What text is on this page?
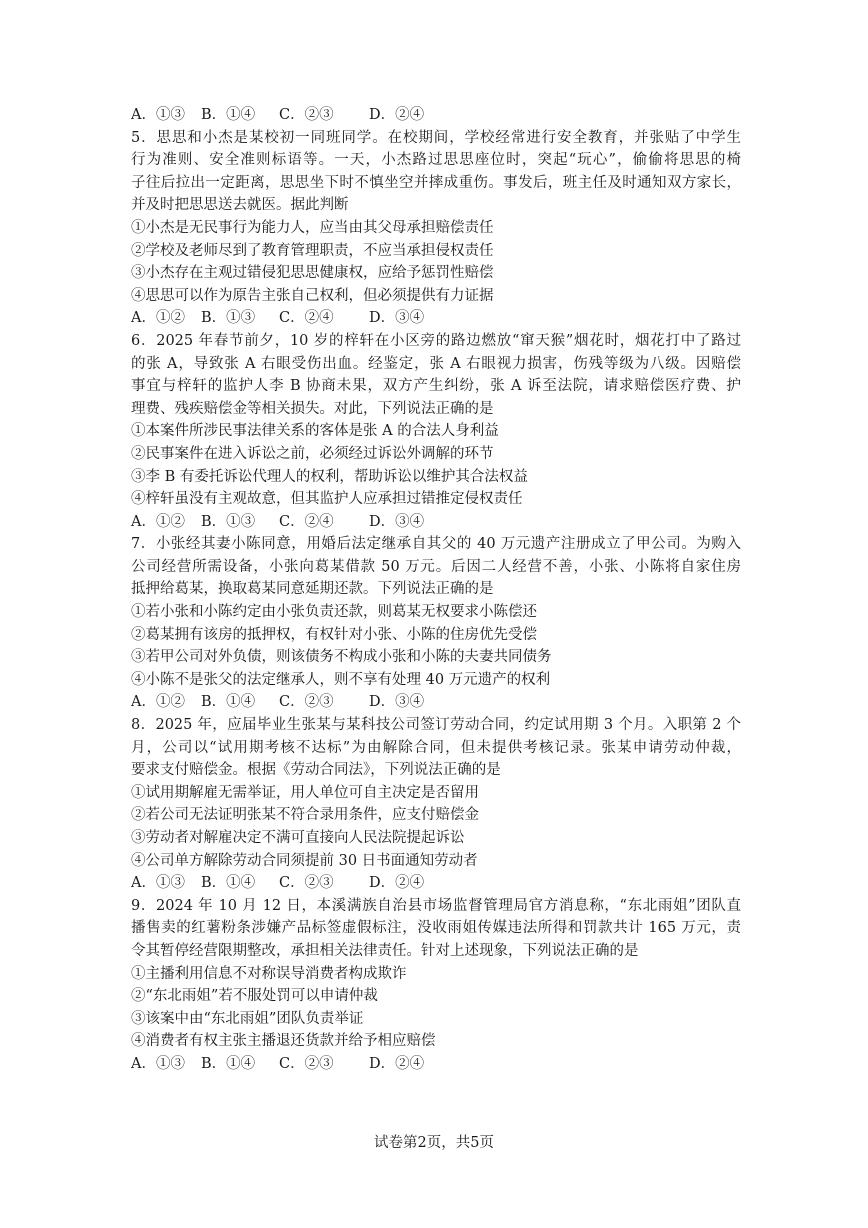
A．①③	B．①④	C．②③	D．②④
5．思思和小杰是某校初一同班同学。在校期间，学校经常进行安全教育，并张贴了中学生
行为准则、安全准则标语等。一天，小杰路过思思座位时，突起“玩心”，偷偷将思思的椅
子往后拉出一定距离，思思坐下时不慎坐空并摔成重伤。事发后，班主任及时通知双方家长，
并及时把思思送去就医。据此判断
①小杰是无民事行为能力人，应当由其父母承担赔偿责任
②学校及老师尽到了教育管理职责，不应当承担侵权责任
③小杰存在主观过错侵犯思思健康权，应给予惩罚性赔偿
④思思可以作为原告主张自己权利，但必须提供有力证据
A．①②	B．①③	C．②④	D．③④
6．2025 年春节前夕，10 岁的梓轩在小区旁的路边燃放“窜天猴”烟花时，烟花打中了路过
的张 A，导致张 A 右眼受伤出血。经鉴定，张 A 右眼视力损害，伤残等级为八级。因赔偿
事宜与梓轩的监护人李 B 协商未果，双方产生纠纷，张 A 诉至法院，请求赔偿医疗费、护
理费、残疾赔偿金等相关损失。对此，下列说法正确的是
①本案件所涉民事法律关系的客体是张 A 的合法人身利益
②民事案件在进入诉讼之前，必须经过诉讼外调解的环节
③李 B 有委托诉讼代理人的权利，帮助诉讼以维护其合法权益
④梓轩虽没有主观故意，但其监护人应承担过错推定侵权责任
A．①②	B．①③	C．②④	D．③④
7．小张经其妻小陈同意，用婚后法定继承自其父的 40 万元遗产注册成立了甲公司。为购入
公司经营所需设备，小张向葛某借款 50 万元。后因二人经营不善，小张、小陈将自家住房
抵押给葛某，换取葛某同意延期还款。下列说法正确的是
①若小张和小陈约定由小张负责还款，则葛某无权要求小陈偿还
②葛某拥有该房的抵押权，有权针对小张、小陈的住房优先受偿
③若甲公司对外负债，则该债务不构成小张和小陈的夫妻共同债务
④小陈不是张父的法定继承人，则不享有处理 40 万元遗产的权利
A．①②	B．①④	C．②③	D．③④
8．2025 年，应届毕业生张某与某科技公司签订劳动合同，约定试用期 3 个月。入职第 2 个
月，公司以“试用期考核不达标”为由解除合同，但未提供考核记录。张某申请劳动仲裁，
要求支付赔偿金。根据《劳动合同法》，下列说法正确的是
①试用期解雇无需举证，用人单位可自主决定是否留用
②若公司无法证明张某不符合录用条件，应支付赔偿金
③劳动者对解雇决定不满可直接向人民法院提起诉讼
④公司单方解除劳动合同须提前 30 日书面通知劳动者
A．①③	B．①④	C．②③	D．②④
9．2024 年 10 月 12 日，本溪满族自治县市场监督管理局官方消息称，“东北雨姐”团队直
播售卖的红薯粉条涉嫌产品标签虚假标注，没收雨姐传媒违法所得和罚款共计 165 万元，责
令其暂停经营限期整改，承担相关法律责任。针对上述现象，下列说法正确的是
①主播利用信息不对称误导消费者构成欺诈
②“东北雨姐”若不服处罚可以申请仲裁
③该案中由“东北雨姐”团队负责举证
④消费者有权主张主播退还货款并给予相应赔偿
A．①③	B．①④	C．②③	D．②④
试卷第2页，共5页
